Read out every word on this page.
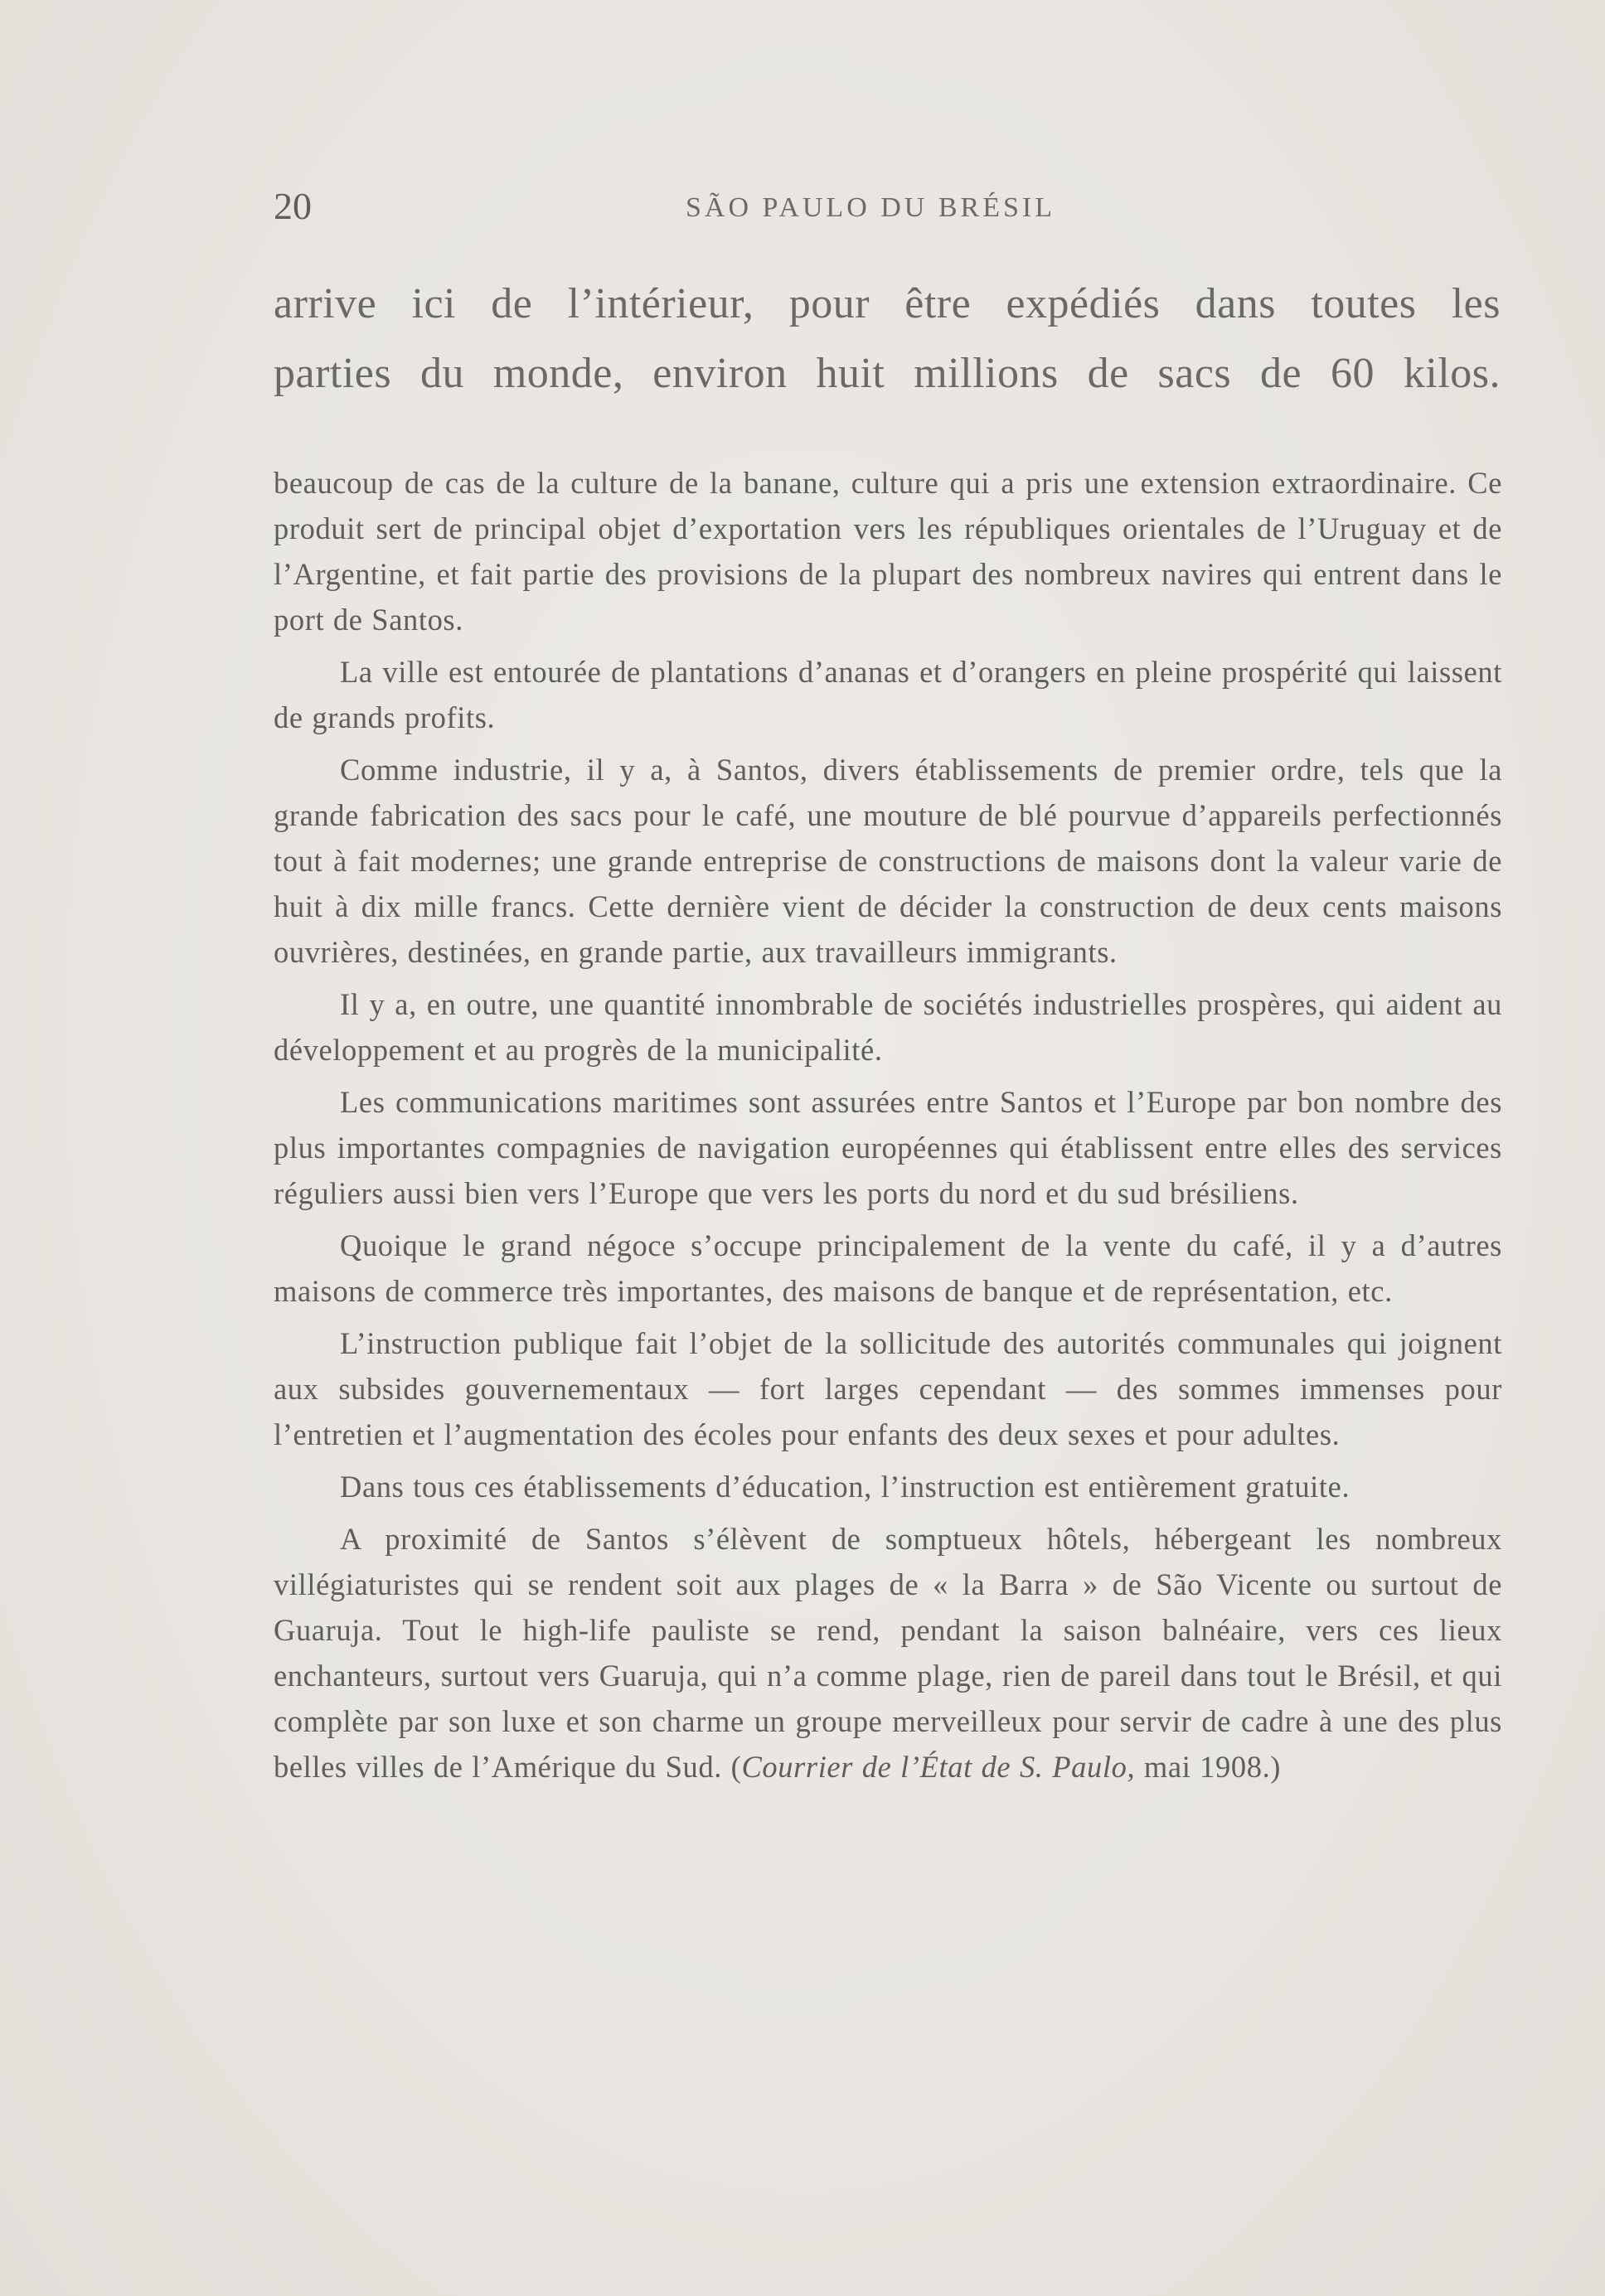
20	SÃO PAULO DU BRÉSIL
arrive ici de l’intérieur, pour être expédiés dans toutes les
parties du monde, environ huit millions de sacs de 60 kilos.

beaucoup de cas de la culture de la banane, culture qui a pris une extension extraordinaire. Ce produit sert de principal objet d’exportation vers les républiques orientales de l’Uruguay et de l’Argentine, et fait partie des provisions de la plupart des nombreux navires qui entrent dans le port de Santos.

La ville est entourée de plantations d’ananas et d’orangers en pleine prospérité qui laissent de grands profits.

Comme industrie, il y a, à Santos, divers établissements de premier ordre, tels que la grande fabrication des sacs pour le café, une mouture de blé pourvue d’appareils perfectionnés tout à fait modernes; une grande entreprise de constructions de maisons dont la valeur varie de huit à dix mille francs. Cette dernière vient de décider la construction de deux cents maisons ouvrières, destinées, en grande partie, aux travailleurs immigrants.

Il y a, en outre, une quantité innombrable de sociétés industrielles prospères, qui aident au développement et au progrès de la municipalité.

Les communications maritimes sont assurées entre Santos et l’Europe par bon nombre des plus importantes compagnies de navigation européennes qui établissent entre elles des services réguliers aussi bien vers l’Europe que vers les ports du nord et du sud brésiliens.

Quoique le grand négoce s’occupe principalement de la vente du café, il y a d’autres maisons de commerce très importantes, des maisons de banque et de représentation, etc.

L’instruction publique fait l’objet de la sollicitude des autorités communales qui joignent aux subsides gouvernementaux — fort larges cependant — des sommes immenses pour l’entretien et l’augmentation des écoles pour enfants des deux sexes et pour adultes.

Dans tous ces établissements d’éducation, l’instruction est entièrement gratuite.

A proximité de Santos s’élèvent de somptueux hôtels, hébergeant les nombreux villégiaturistes qui se rendent soit aux plages de « la Barra » de São Vicente ou surtout de Guaruja. Tout le high-life pauliste se rend, pendant la saison balnéaire, vers ces lieux enchanteurs, surtout vers Guaruja, qui n’a comme plage, rien de pareil dans tout le Brésil, et qui complète par son luxe et son charme un groupe merveilleux pour servir de cadre à une des plus belles villes de l’Amérique du Sud. (Courrier de l’État de S. Paulo, mai 1908.)
